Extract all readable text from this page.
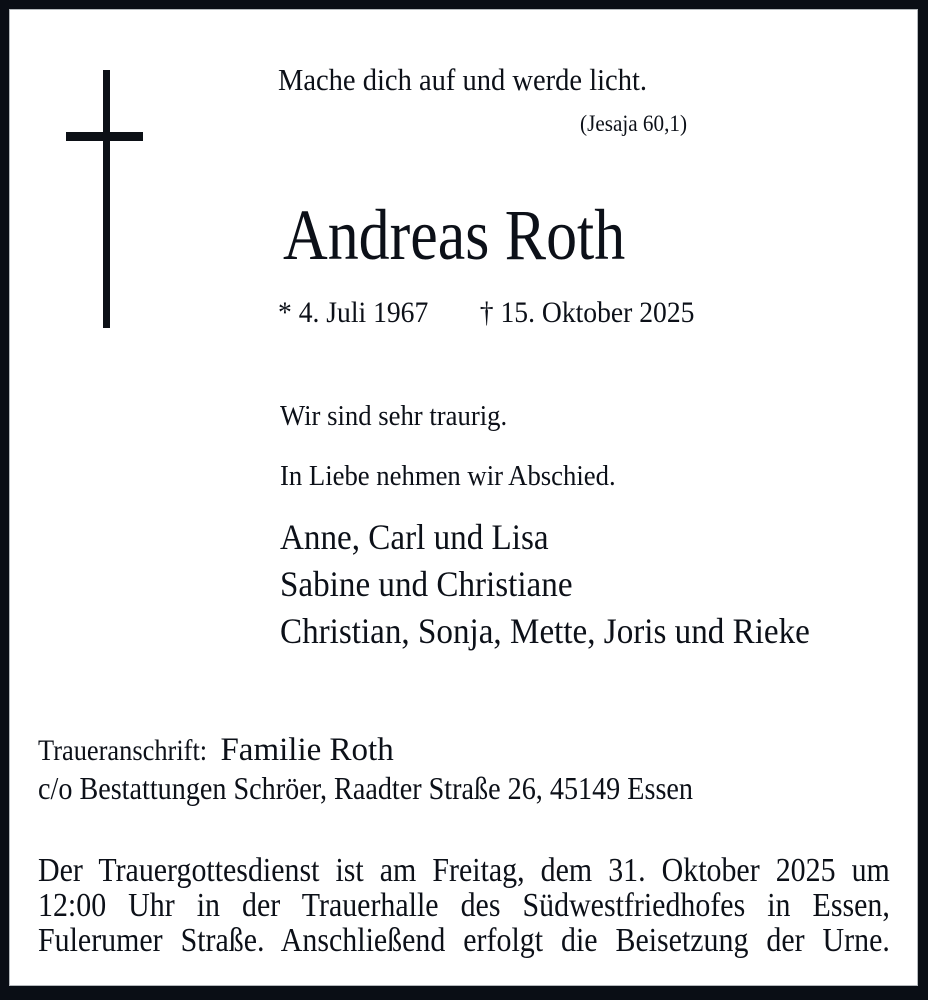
Mache dich auf und werde licht.
(Jesaja 60,1)
Andreas Roth
* 4. Juli 1967 † 15. Oktober 2025
Wir sind sehr traurig.
In Liebe nehmen wir Abschied.
Anne, Carl und Lisa
Sabine und Christiane
Christian, Sonja, Mette, Joris und Rieke
Traueranschrift: Familie Roth
c/o Bestattungen Schröer, Raadter Straße 26, 45149 Essen
Der Trauergottesdienst ist am Freitag, dem 31. Oktober 2025 um
12:00 Uhr in der Trauerhalle des Südwestfriedhofes in Essen,
Fulerumer Straße. Anschließend erfolgt die Beisetzung der Urne.
